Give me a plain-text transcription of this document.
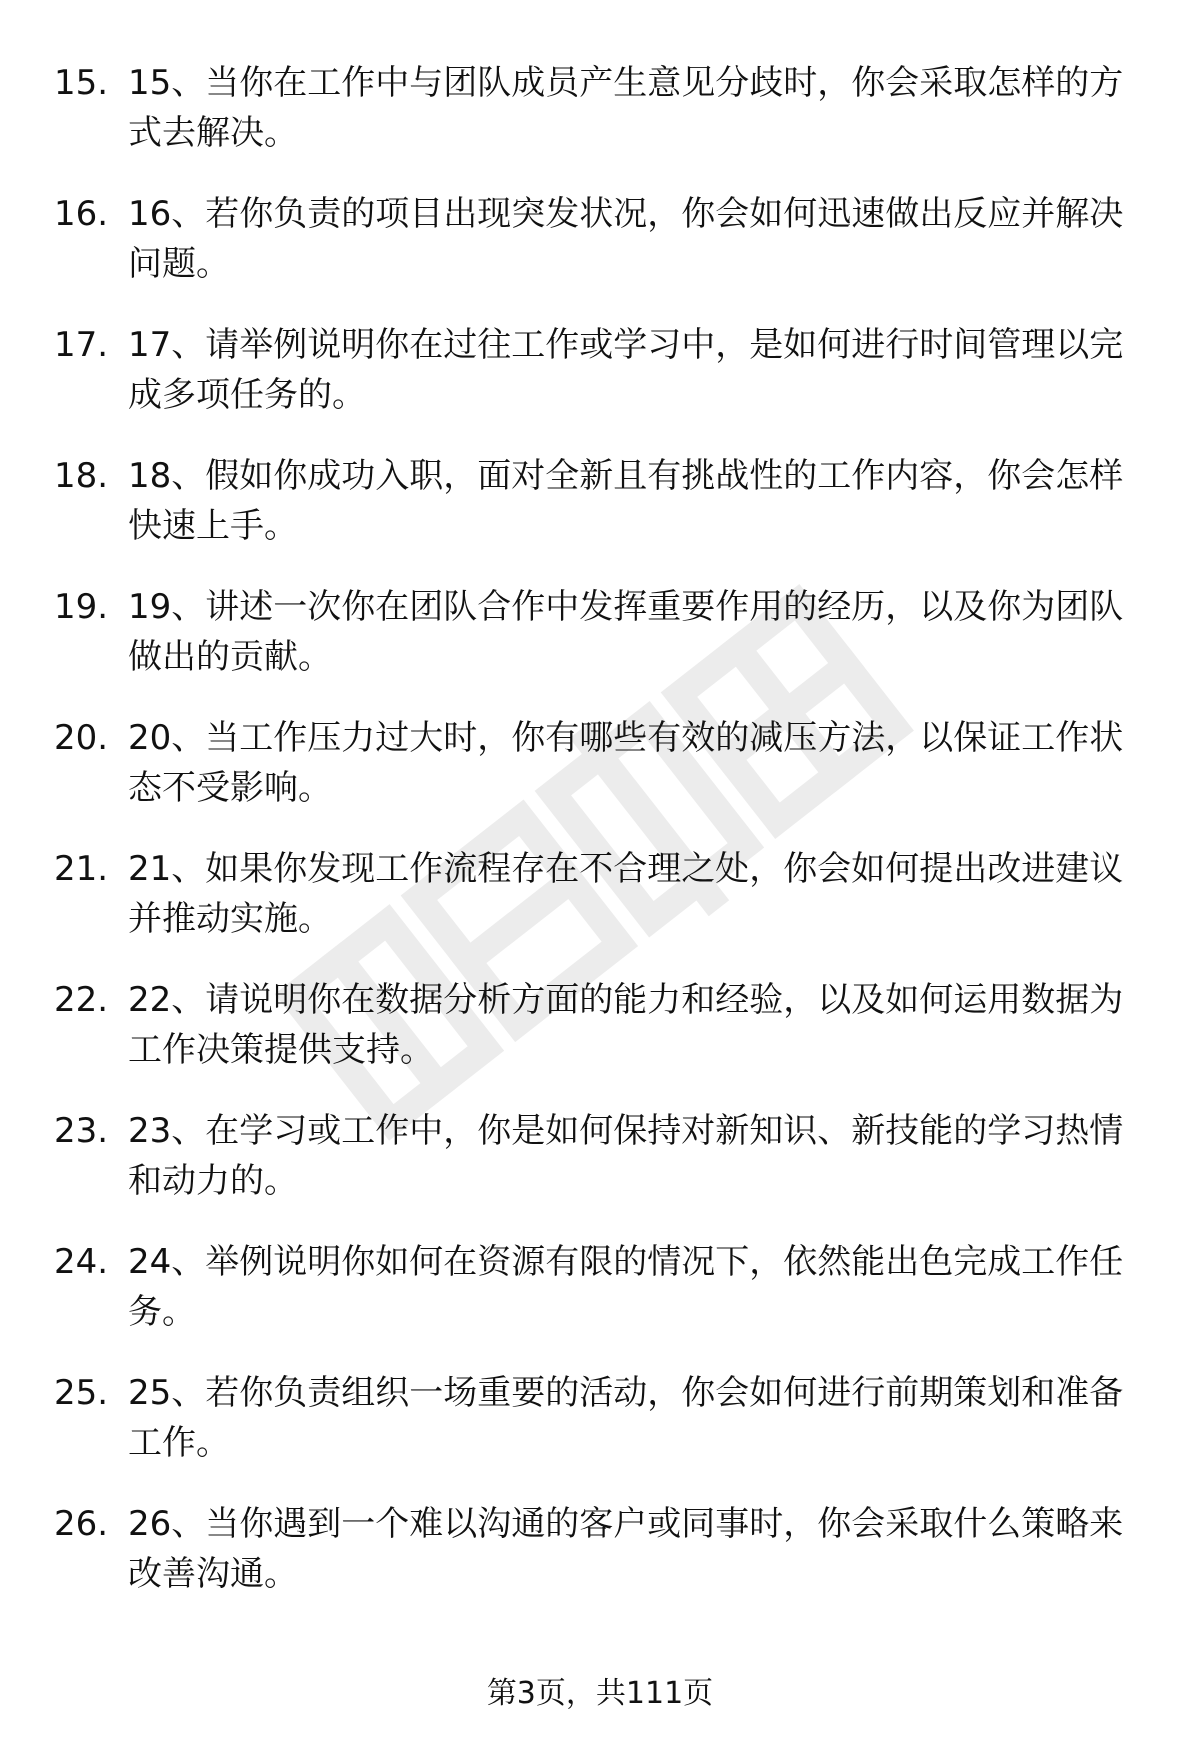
15. 15、当你在工作中与团队成员产生意见分歧时，你会采取怎样的方式去解决。
16. 16、若你负责的项目出现突发状况，你会如何迅速做出反应并解决问题。
17. 17、请举例说明你在过往工作或学习中，是如何进行时间管理以完成多项任务的。
18. 18、假如你成功入职，面对全新且有挑战性的工作内容，你会怎样快速上手。
19. 19、讲述一次你在团队合作中发挥重要作用的经历，以及你为团队做出的贡献。
20. 20、当工作压力过大时，你有哪些有效的减压方法，以保证工作状态不受影响。
21. 21、如果你发现工作流程存在不合理之处，你会如何提出改进建议并推动实施。
22. 22、请说明你在数据分析方面的能力和经验，以及如何运用数据为工作决策提供支持。
23. 23、在学习或工作中，你是如何保持对新知识、新技能的学习热情和动力的。
24. 24、举例说明你如何在资源有限的情况下，依然能出色完成工作任务。
25. 25、若你负责组织一场重要的活动，你会如何进行前期策划和准备工作。
26. 26、当你遇到一个难以沟通的客户或同事时，你会采取什么策略来改善沟通。
第3页，共111页
